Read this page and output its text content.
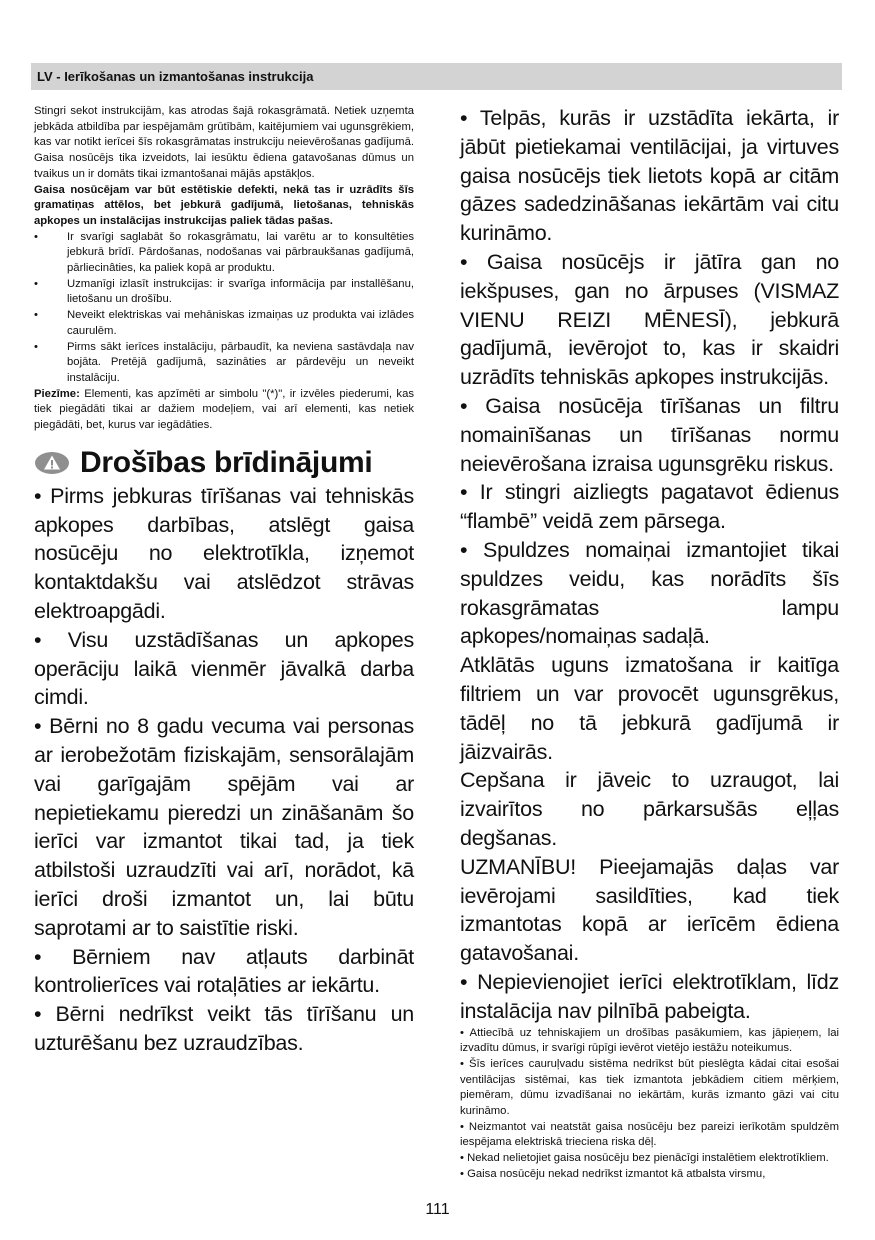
LV - Ierīkošanas un izmantošanas instrukcija

Stingri sekot instrukcijām, kas atrodas šajā rokasgrāmatā. Netiek uzņemta jebkāda atbildība par iespējamām grūtībām, kaitējumiem vai ugunsgrēkiem, kas var notikt ierīcei šīs rokasgrāmatas instrukciju neievērošanas gadījumā. Gaisa nosūcējs tika izveidots, lai iesūktu ēdiena gatavošanas dūmus un tvaikus un ir domāts tikai izmantošanai mājās apstākļos.

Gaisa nosūcējam var būt estētiskie defekti, nekā tas ir uzrādīts šīs gramatiņas attēlos, bet jebkurā gadījumā, lietošanas, tehniskās apkopes un instalācijas instrukcijas paliek tādas pašas.

•	Ir svarīgi saglabāt šo rokasgrāmatu, lai varētu ar to konsultēties jebkurā brīdī. Pārdošanas, nodošanas vai pārbraukšanas gadījumā, pārliecinâties, ka paliek kopā ar produktu.
•	Uzmanīgi izlasīt instrukcijas: ir svarīga informācija par installēšanu, lietošanu un drošību.
•	Neveikt elektriskas vai mehāniskas izmaiņas uz produkta vai izlādes caurulēm.
•	Pirms sākt ierīces instalāciju, pārbaudīt, ka neviena sastāvdaļa nav bojāta. Pretējā gadījumā, sazināties ar pārdevēju un neveikt instalāciju.

Piezīme: Elementi, kas apzīmēti ar simbolu "(*)", ir izvēles piederumi, kas tiek piegādāti tikai ar dažiem modeļiem, vai arī elementi, kas netiek piegādāti, bet, kurus var iegādāties.

Drošības brīdinājumi

• Pirms jebkuras tīrīšanas vai tehniskās apkopes darbības, atslēgt gaisa nosūcēju no elektrotīkla, izņemot kontaktdakšu vai atslēdzot strāvas elektroapgādi.

• Visu uzstādīšanas un apkopes operāciju laikā vienmēr jāvalkā darba cimdi.

• Bērni no 8 gadu vecuma vai personas ar ierobežotām fiziskajām, sensorālajām vai garīgajām spējām vai ar nepietiekamu pieredzi un zināšanām šo ierīci var izmantot tikai tad, ja tiek atbilstoši uzraudzīti vai arī, norādot, kā ierīci droši izmantot un, lai būtu saprotami ar to saistītie riski.

• Bērniem nav atļauts darbināt kontrolierīces vai rotaļāties ar iekārtu.

• Bērni nedrīkst veikt tās tīrīšanu un uzturēšanu bez uzraudzības.

• Telpās, kurās ir uzstādīta iekārta, ir jābūt pietiekamai ventilācijai, ja virtuves gaisa nosūcējs tiek lietots kopā ar citām gāzes sadedzināšanas iekārtām vai citu kurināmo.

• Gaisa nosūcējs ir jātīra gan no iekšpuses, gan no ārpuses (VISMAZ VIENU REIZI MĒNESĪ), jebkurā gadījumā, ievērojot to, kas ir skaidri uzrādīts tehniskās apkopes instrukcijās.

• Gaisa nosūcēja tīrīšanas un filtru nomainīšanas un tīrīšanas normu neievērošana izraisa ugunsgrēku riskus.

• Ir stingri aizliegts pagatavot ēdienus “flambē” veidā zem pārsega.

• Spuldzes nomaiņai izmantojiet tikai spuldzes veidu, kas norādīts šīs rokasgrāmatas lampu apkopes/nomaiņas sadaļā.

Atklātās uguns izmatošana ir kaitīga filtriem un var provocēt ugunsgrēkus, tādēļ no tā jebkurā gadījumā ir jāizvairās.

Cepšana ir jāveic to uzraugot, lai izvairītos no pārkarsušās eļļas degšanas.

UZMANĪBU! Pieejamajās daļas var ievērojami sasildīties, kad tiek izmantotas kopā ar ierīcēm ēdiena gatavošanai.

• Nepievienojiet ierīci elektrotīklam, līdz instalācija nav pilnībā pabeigta.

• Attiecībā uz tehniskajiem un drošības pasākumiem, kas jāpieņem, lai izvadītu dūmus, ir svarīgi rūpīgi ievērot vietējo iestāžu noteikumus.

• Šīs ierīces cauruļvadu sistēma nedrīkst būt pieslēgta kādai citai esošai ventilācijas sistēmai, kas tiek izmantota jebkādiem citiem mērķiem, piemēram, dūmu izvadīšanai no iekārtām, kurās izmanto gāzi vai citu kurināmo.

• Neizmantot vai neatstāt gaisa nosūcēju bez pareizi ierīkotām spuldzēm iespējama elektriskā trieciena riska dēļ.

• Nekad nelietojiet gaisa nosūcēju bez pienācīgi instalētiem elektrotīkliem.

• Gaisa nosūcēju nekad nedrīkst izmantot kā atbalsta virsmu,

111
